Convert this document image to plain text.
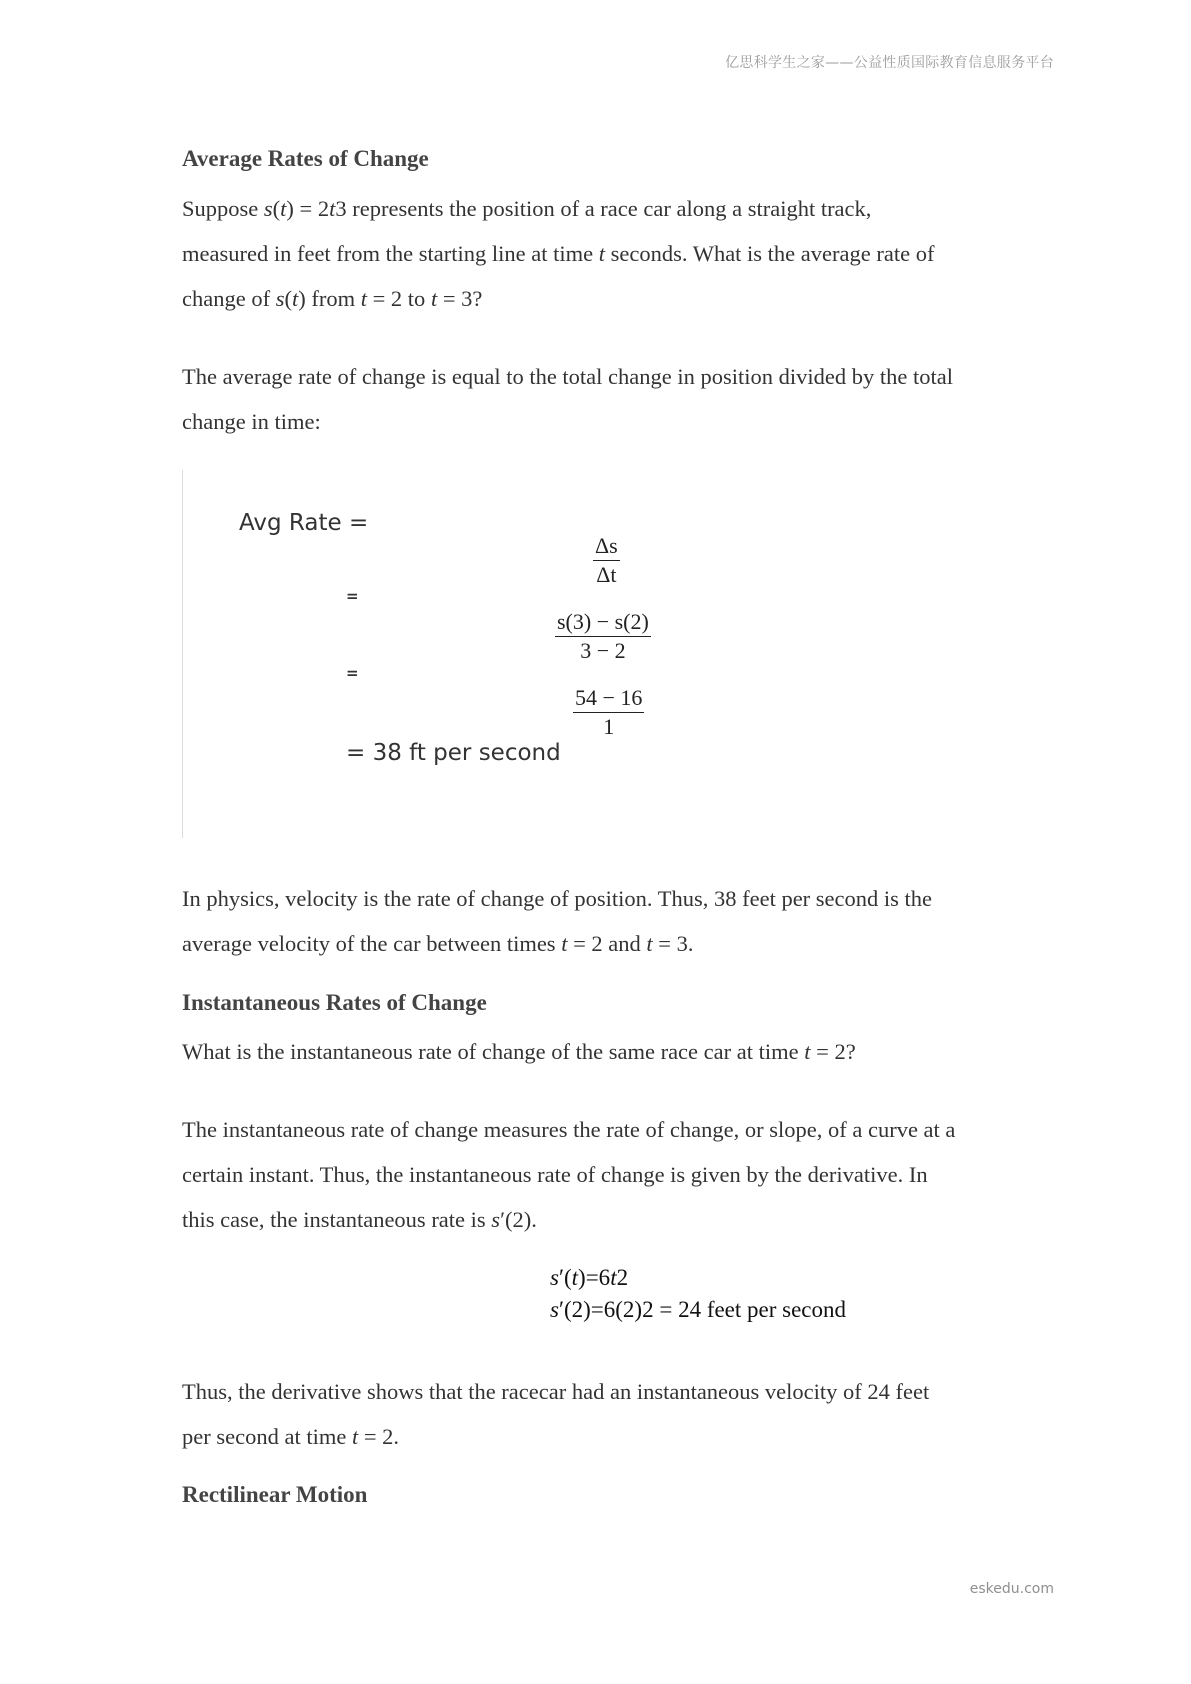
亿思科学生之家——公益性质国际教育信息服务平台
Average Rates of Change
Suppose s(t) = 2t3 represents the position of a race car along a straight track,
measured in feet from the starting line at time t seconds. What is the average rate of
change of s(t) from t = 2 to t = 3?
The average rate of change is equal to the total change in position divided by the total
change in time:
In physics, velocity is the rate of change of position. Thus, 38 feet per second is the
average velocity of the car between times t = 2 and t = 3.
Instantaneous Rates of Change
What is the instantaneous rate of change of the same race car at time t = 2?
The instantaneous rate of change measures the rate of change, or slope, of a curve at a
certain instant. Thus, the instantaneous rate of change is given by the derivative. In
this case, the instantaneous rate is s′(2).
s′(t)=6t2
s′(2)=6(2)2 = 24 feet per second
Thus, the derivative shows that the racecar had an instantaneous velocity of 24 feet
per second at time t = 2.
Rectilinear Motion
Avg Rate =
$\frac{\Delta s}{\Delta t}$
=
$\frac{s(3) - s(2)}{3 - 2}$
=
$\frac{54 - 16}{1}$
= 38 ft per second
eskedu.com
